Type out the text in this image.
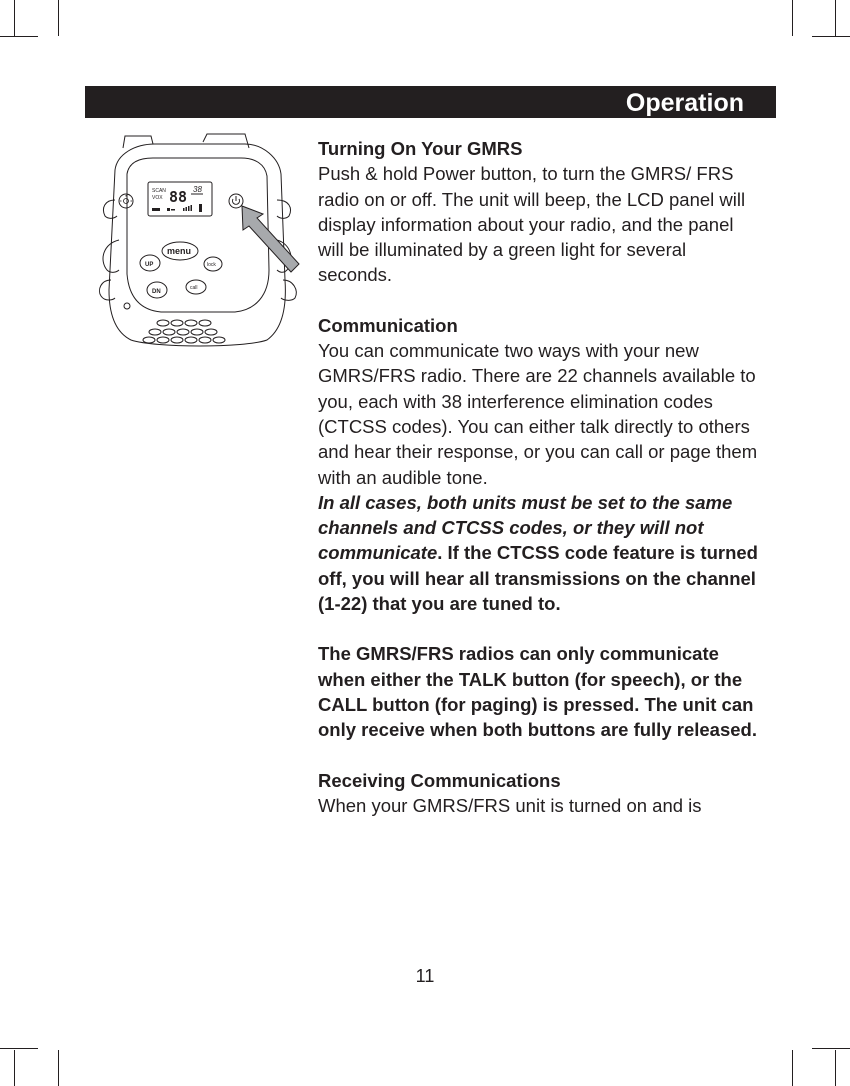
Operation
SCAN
VOX 88 38
menu
UP	lock
DN
call

Turning On Your GMRS

Push & hold Power button, to turn the GMRS/ FRS radio on or off. The unit will beep, the LCD panel will display information about your radio, and the panel will be illuminated by a green light for several seconds.

Communication

You can communicate two ways with your new GMRS/FRS radio. There are 22 channels available to you, each with 38 interference elimination codes (CTCSS codes). You can either talk directly to others and hear their response, or you can call or page them with an audible tone.

In all cases, both units must be set to the same channels and CTCSS codes, or they will not communicate. If the CTCSS code feature is turned off, you will hear all transmissions on the channel (1-22) that you are tuned to.

The GMRS/FRS radios can only communicate when either the TALK button (for speech), or the CALL button (for paging) is pressed. The unit can only receive when both buttons are fully released.

Receiving Communications

When your GMRS/FRS unit is turned on and is

11
